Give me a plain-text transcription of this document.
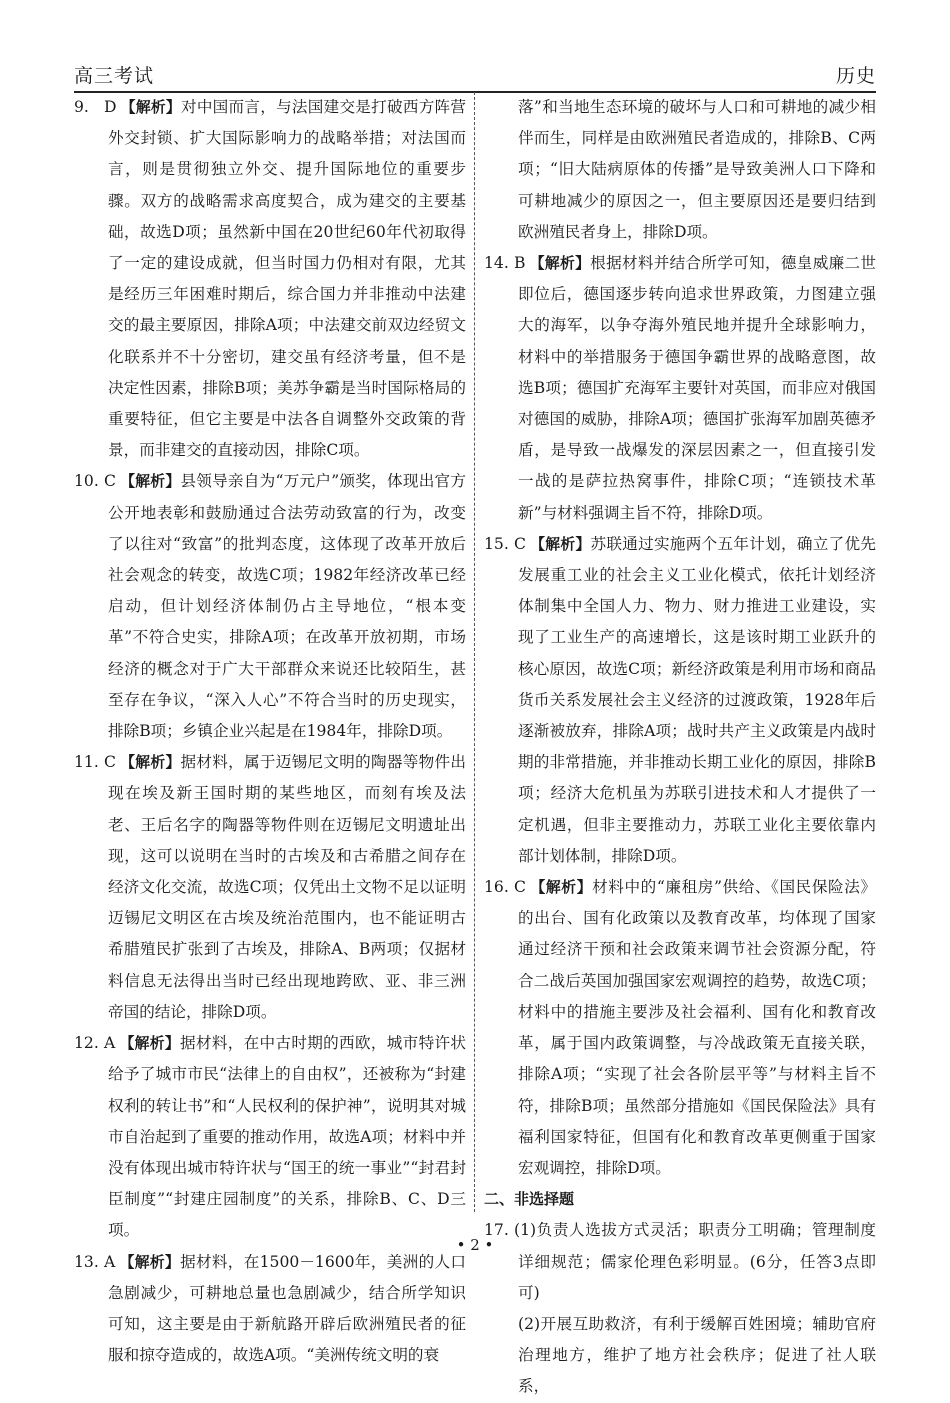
高三考试	历史

9. D 【解析】对中国而言，与法国建交是打破西方阵营外交封锁、扩大国际影响力的战略举措；对法国而言，则是贯彻独立外交、提升国际地位的重要步骤。双方的战略需求高度契合，成为建交的主要基础，故选D项；虽然新中国在20世纪60年代初取得了一定的建设成就，但当时国力仍相对有限，尤其是经历三年困难时期后，综合国力并非推动中法建交的最主要原因，排除A项；中法建交前双边经贸文化联系并不十分密切，建交虽有经济考量，但不是决定性因素，排除B项；美苏争霸是当时国际格局的重要特征，但它主要是中法各自调整外交政策的背景，而非建交的直接动因，排除C项。

10. C 【解析】县领导亲自为“万元户”颁奖，体现出官方公开地表彰和鼓励通过合法劳动致富的行为，改变了以往对“致富”的批判态度，这体现了改革开放后社会观念的转变，故选C项；1982年经济改革已经启动，但计划经济体制仍占主导地位，“根本变革”不符合史实，排除A项；在改革开放初期，市场经济的概念对于广大干部群众来说还比较陌生，甚至存在争议，“深入人心”不符合当时的历史现实，排除B项；乡镇企业兴起是在1984年，排除D项。

11. C 【解析】据材料，属于迈锡尼文明的陶器等物件出现在埃及新王国时期的某些地区，而刻有埃及法老、王后名字的陶器等物件则在迈锡尼文明遗址出现，这可以说明在当时的古埃及和古希腊之间存在经济文化交流，故选C项；仅凭出土文物不足以证明迈锡尼文明区在古埃及统治范围内，也不能证明古希腊殖民扩张到了古埃及，排除A、B两项；仅据材料信息无法得出当时已经出现地跨欧、亚、非三洲帝国的结论，排除D项。

12. A 【解析】据材料，在中古时期的西欧，城市特许状给予了城市市民“法律上的自由权”，还被称为“封建权利的转让书”和“人民权利的保护神”，说明其对城市自治起到了重要的推动作用，故选A项；材料中并没有体现出城市特许状与“国王的统一事业”“封君封臣制度”“封建庄园制度”的关系，排除B、C、D三项。

13. A 【解析】据材料，在1500－1600年，美洲的人口急剧减少，可耕地总量也急剧减少，结合所学知识可知，这主要是由于新航路开辟后欧洲殖民者的征服和掠夺造成的，故选A项。“美洲传统文明的衰

落”和当地生态环境的破坏与人口和可耕地的减少相伴而生，同样是由欧洲殖民者造成的，排除B、C两项；“旧大陆病原体的传播”是导致美洲人口下降和可耕地减少的原因之一，但主要原因还是要归结到欧洲殖民者身上，排除D项。

14. B 【解析】根据材料并结合所学可知，德皇威廉二世即位后，德国逐步转向追求世界政策，力图建立强大的海军，以争夺海外殖民地并提升全球影响力，材料中的举措服务于德国争霸世界的战略意图，故选B项；德国扩充海军主要针对英国，而非应对俄国对德国的威胁，排除A项；德国扩张海军加剧英德矛盾，是导致一战爆发的深层因素之一，但直接引发一战的是萨拉热窝事件，排除C项；“连锁技术革新”与材料强调主旨不符，排除D项。

15. C 【解析】苏联通过实施两个五年计划，确立了优先发展重工业的社会主义工业化模式，依托计划经济体制集中全国人力、物力、财力推进工业建设，实现了工业生产的高速增长，这是该时期工业跃升的核心原因，故选C项；新经济政策是利用市场和商品货币关系发展社会主义经济的过渡政策，1928年后逐渐被放弃，排除A项；战时共产主义政策是内战时期的非常措施，并非推动长期工业化的原因，排除B项；经济大危机虽为苏联引进技术和人才提供了一定机遇，但非主要推动力，苏联工业化主要依靠内部计划体制，排除D项。

16. C 【解析】材料中的“廉租房”供给、《国民保险法》的出台、国有化政策以及教育改革，均体现了国家通过经济干预和社会政策来调节社会资源分配，符合二战后英国加强国家宏观调控的趋势，故选C项；材料中的措施主要涉及社会福利、国有化和教育改革，属于国内政策调整，与冷战政策无直接关联，排除A项；“实现了社会各阶层平等”与材料主旨不符，排除B项；虽然部分措施如《国民保险法》具有福利国家特征，但国有化和教育改革更侧重于国家宏观调控，排除D项。

二、非选择题

17. (1)负责人选拔方式灵活；职责分工明确；管理制度详细规范；儒家伦理色彩明显。(6分，任答3点即可)

(2)开展互助救济，有利于缓解百姓困境；辅助官府治理地方，维护了地方社会秩序；促进了社人联系，

• 2 •
